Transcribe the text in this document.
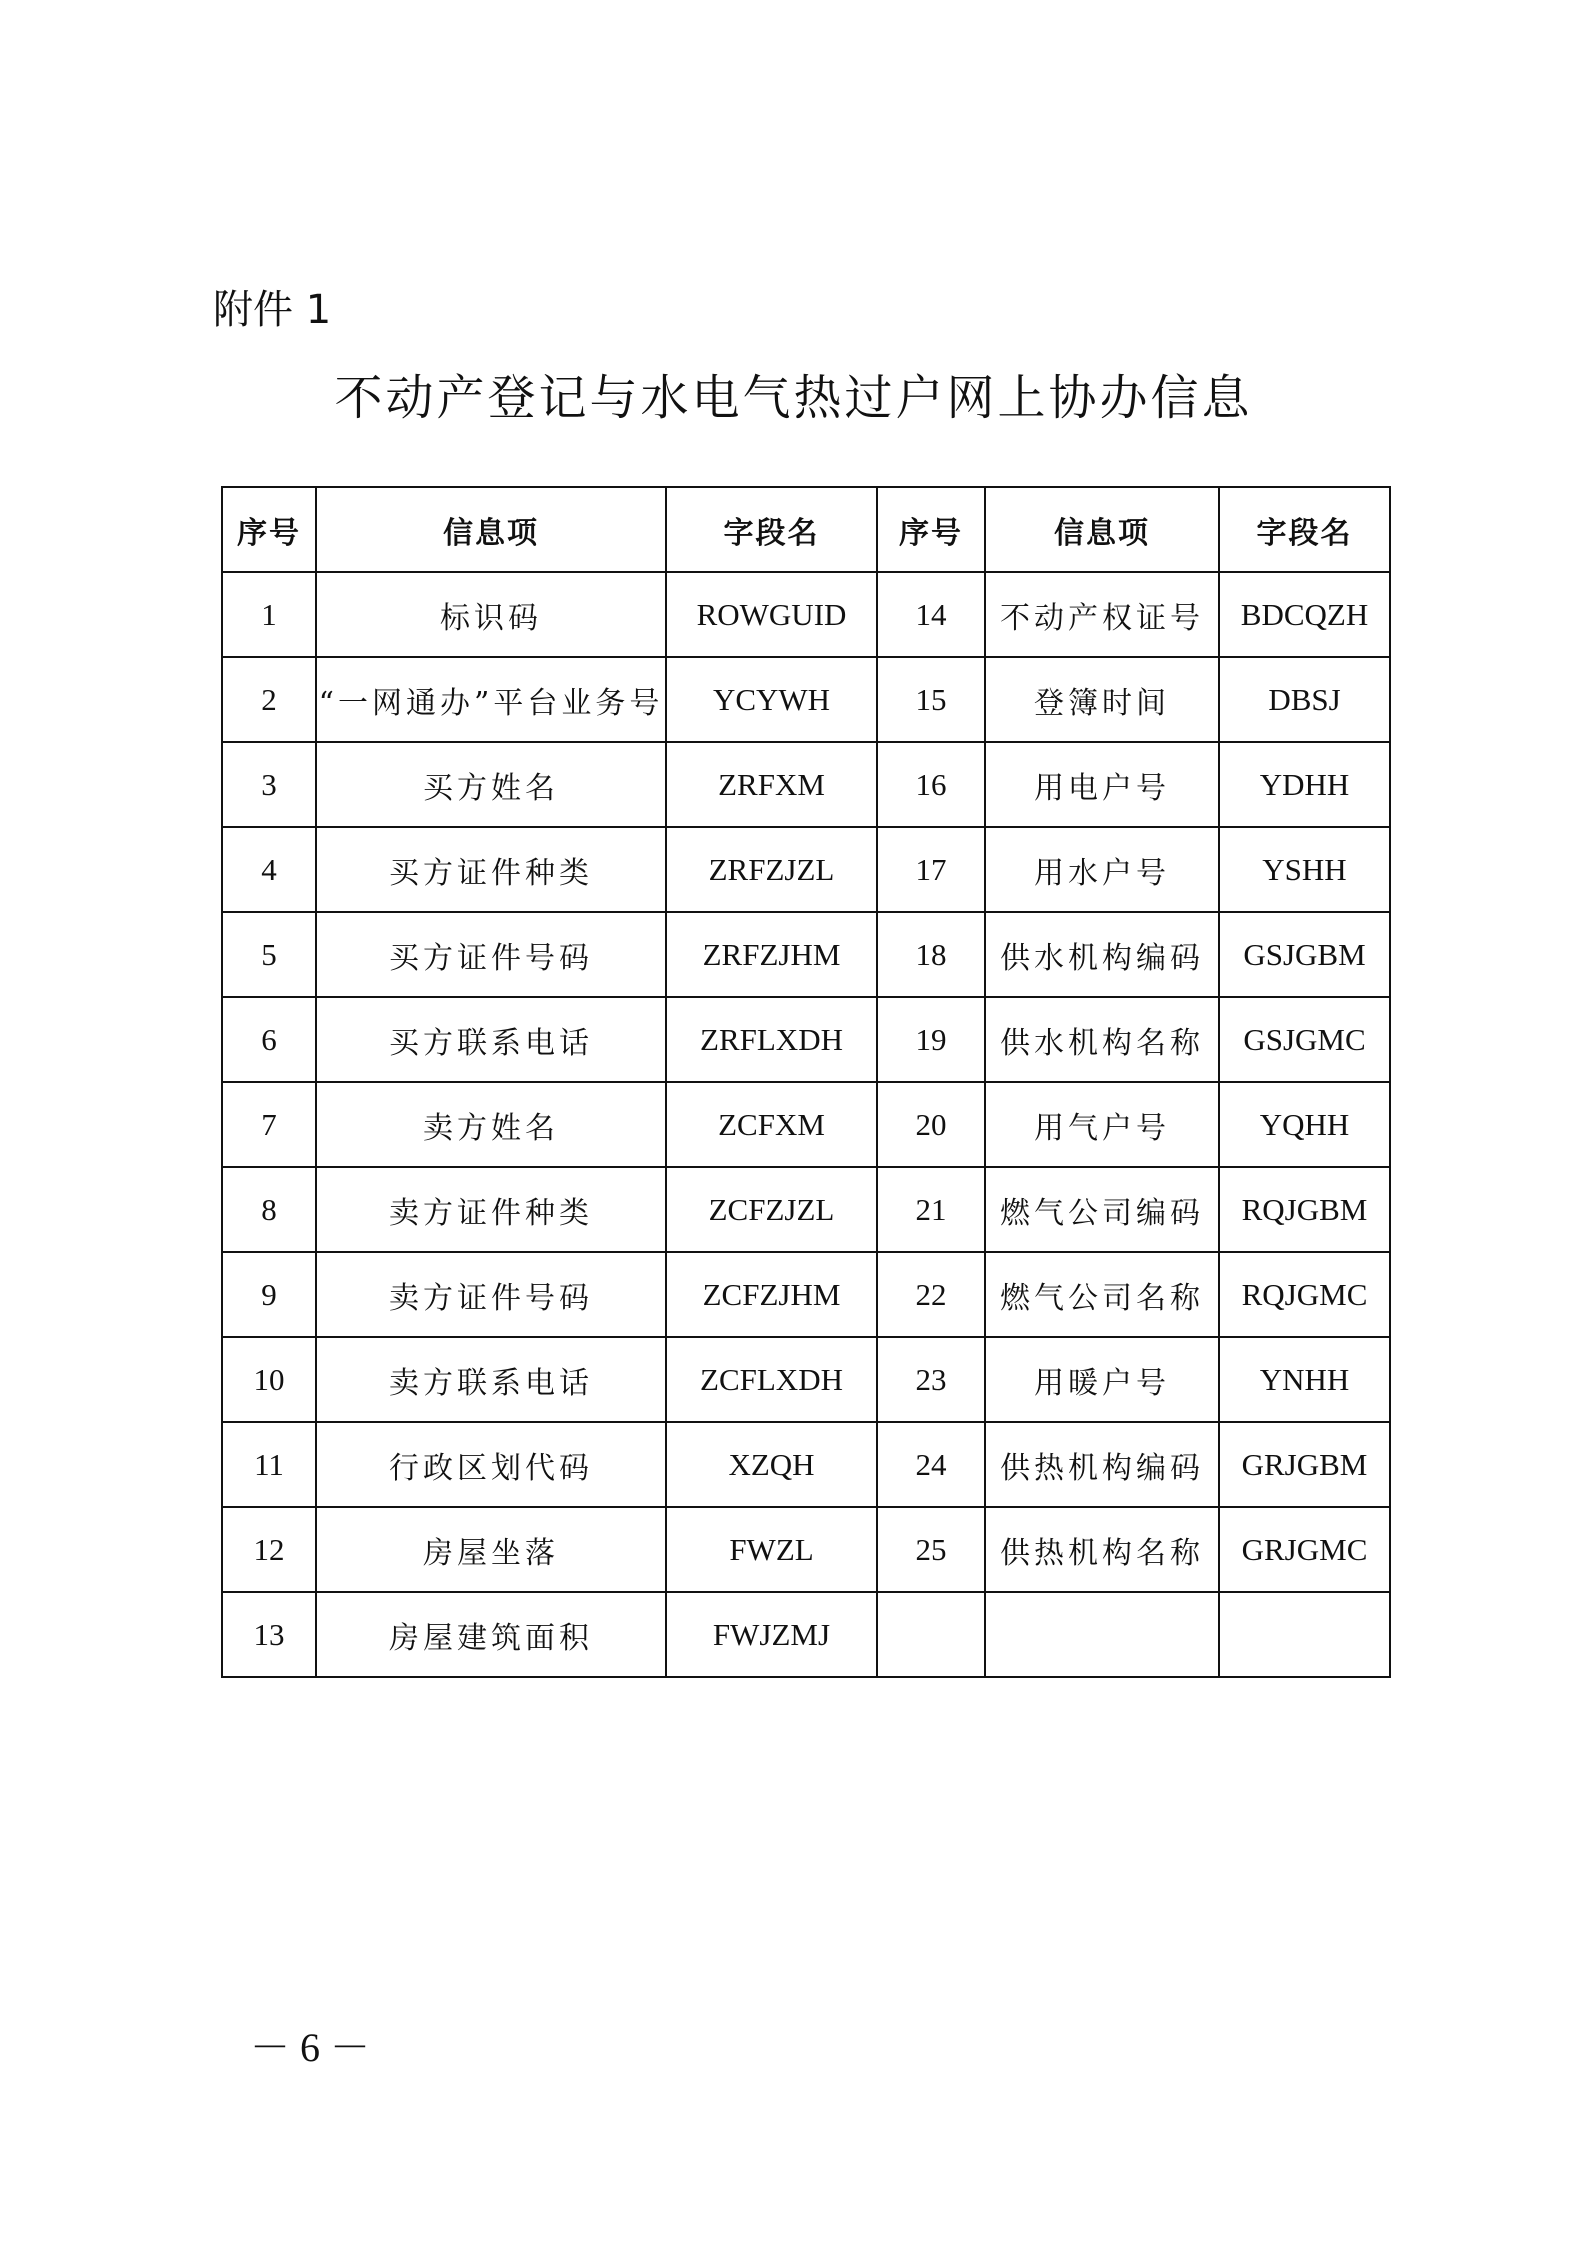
附件 1
不动产登记与水电气热过户网上协办信息
序号	信息项	字段名	序号	信息项	字段名
1	标识码	ROWGUID	14	不动产权证号	BDCQZH
2	“一网通办”平台业务号	YCYWH	15	登簿时间	DBSJ
3	买方姓名	ZRFXM	16	用电户号	YDHH
4	买方证件种类	ZRFZJZL	17	用水户号	YSHH
5	买方证件号码	ZRFZJHM	18	供水机构编码	GSJGBM
6	买方联系电话	ZRFLXDH	19	供水机构名称	GSJGMC
7	卖方姓名	ZCFXM	20	用气户号	YQHH
8	卖方证件种类	ZCFZJZL	21	燃气公司编码	RQJGBM
9	卖方证件号码	ZCFZJHM	22	燃气公司名称	RQJGMC
10	卖方联系电话	ZCFLXDH	23	用暖户号	YNHH
11	行政区划代码	XZQH	24	供热机构编码	GRJGBM
12	房屋坐落	FWZL	25	供热机构名称	GRJGMC
13	房屋建筑面积	FWJZMJ			
－ 6 －
